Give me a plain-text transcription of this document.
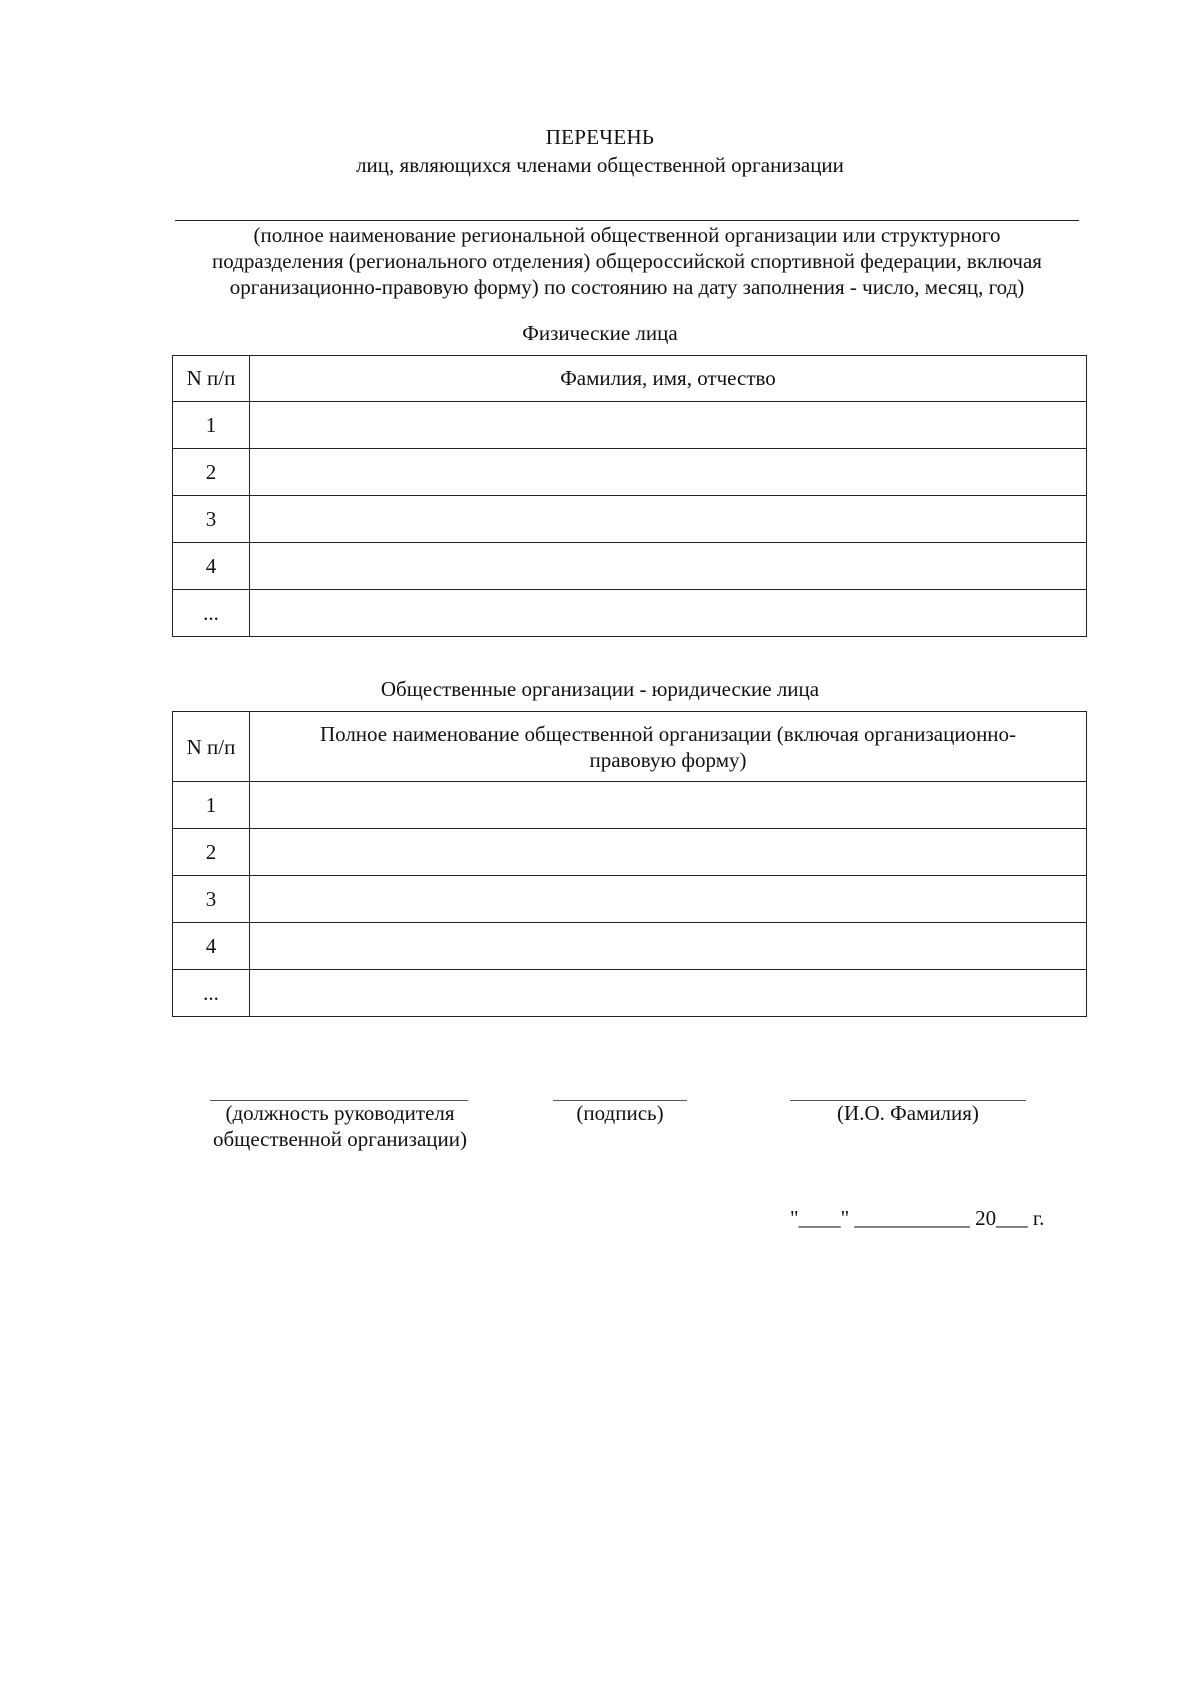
ПЕРЕЧЕНЬ
лиц, являющихся членами общественной организации
(полное наименование региональной общественной организации или структурного
подразделения (регионального отделения) общероссийской спортивной федерации, включая
организационно-правовую форму) по состоянию на дату заполнения - число, месяц, год)
Физические лица
N п/п	Фамилия, имя, отчество
1	
2	
3	
4	
...	
Общественные организации - юридические лица
N п/п	Полное наименование общественной организации (включая организационно-
правовую форму)

1	
2	
3	
4	
...	
(должность руководителя
общественной организации)
(подпись)	(И.О. Фамилия)
"____" ___________ 20___ г.
